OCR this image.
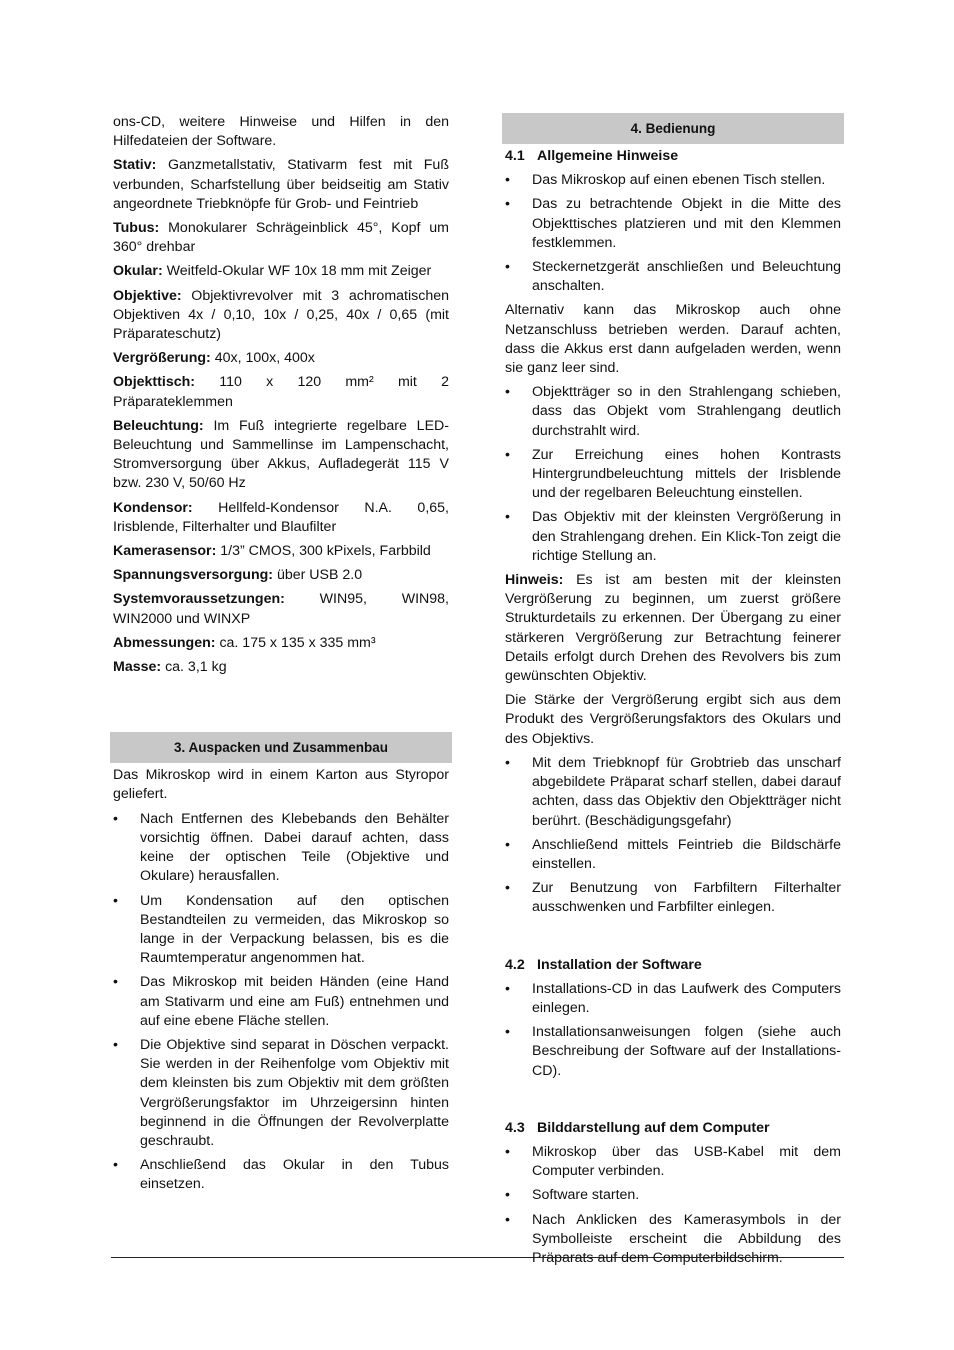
ons-CD, weitere Hinweise und Hilfen in den Hilfedateien der Software.

Stativ: Ganzmetallstativ, Stativarm fest mit Fuß verbunden, Scharfstellung über beidseitig am Stativ angeordnete Triebknöpfe für Grob- und Feintrieb

Tubus: Monokularer Schrägeinblick 45°, Kopf um 360° drehbar

Okular: Weitfeld-Okular WF 10x 18 mm mit Zeiger

Objektive: Objektivrevolver mit 3 achromatischen Objektiven 4x / 0,10, 10x / 0,25, 40x / 0,65 (mit Präparateschutz)

Vergrößerung: 40x, 100x, 400x

Objekttisch: 110 x 120 mm² mit 2 Präparateklemmen

Beleuchtung: Im Fuß integrierte regelbare LED-Beleuchtung und Sammellinse im Lampenschacht, Stromversorgung über Akkus, Aufladegerät 115 V bzw. 230 V, 50/60 Hz

Kondensor: Hellfeld-Kondensor N.A. 0,65, Irisblende, Filterhalter und Blaufilter

Kamerasensor: 1/3” CMOS, 300 kPixels, Farbbild

Spannungsversorgung: über USB 2.0

Systemvoraussetzungen: WIN95, WIN98, WIN2000 und WINXP

Abmessungen: ca. 175 x 135 x 335 mm³

Masse: ca. 3,1 kg

3. Auspacken und Zusammenbau

Das Mikroskop wird in einem Karton aus Styropor geliefert.

•	Nach Entfernen des Klebebands den Behälter vorsichtig öffnen. Dabei darauf achten, dass keine der optischen Teile (Objektive und Okulare) herausfallen.
•	Um Kondensation auf den optischen Bestandteilen zu vermeiden, das Mikroskop so lange in der Verpackung belassen, bis es die Raumtemperatur angenommen hat.
•	Das Mikroskop mit beiden Händen (eine Hand am Stativarm und eine am Fuß) entnehmen und auf eine ebene Fläche stellen.
•	Die Objektive sind separat in Döschen verpackt. Sie werden in der Reihenfolge vom Objektiv mit dem kleinsten bis zum Objektiv mit dem größten Vergrößerungsfaktor im Uhrzeigersinn hinten beginnend in die Öffnungen der Revolverplatte geschraubt.
•	Anschließend das Okular in den Tubus einsetzen.
4. Bedienung
4.1 Allgemeine Hinweise
•	Das Mikroskop auf einen ebenen Tisch stellen.
•	Das zu betrachtende Objekt in die Mitte des Objekttisches platzieren und mit den Klemmen festklemmen.
•	Steckernetzgerät anschließen und Beleuchtung anschalten.

Alternativ kann das Mikroskop auch ohne Netzanschluss betrieben werden. Darauf achten, dass die Akkus erst dann aufgeladen werden, wenn sie ganz leer sind.

•	Objektträger so in den Strahlengang schieben, dass das Objekt vom Strahlengang deutlich durchstrahlt wird.
•	Zur Erreichung eines hohen Kontrasts Hintergrundbeleuchtung mittels der Irisblende und der regelbaren Beleuchtung einstellen.
•	Das Objektiv mit der kleinsten Vergrößerung in den Strahlengang drehen. Ein Klick-Ton zeigt die richtige Stellung an.

Hinweis: Es ist am besten mit der kleinsten Vergrößerung zu beginnen, um zuerst größere Strukturdetails zu erkennen. Der Übergang zu einer stärkeren Vergrößerung zur Betrachtung feinerer Details erfolgt durch Drehen des Revolvers bis zum gewünschten Objektiv.

Die Stärke der Vergrößerung ergibt sich aus dem Produkt des Vergrößerungsfaktors des Okulars und des Objektivs.

•	Mit dem Triebknopf für Grobtrieb das unscharf abgebildete Präparat scharf stellen, dabei darauf achten, dass das Objektiv den Objektträger nicht berührt. (Beschädigungsgefahr)
•	Anschließend mittels Feintrieb die Bildschärfe einstellen.
•	Zur Benutzung von Farbfiltern Filterhalter ausschwenken und Farbfilter einlegen.
4.2 Installation der Software
•	Installations-CD in das Laufwerk des Computers einlegen.
•	Installationsanweisungen folgen (siehe auch Beschreibung der Software auf der Installations-CD).
4.3 Bilddarstellung auf dem Computer
•	Mikroskop über das USB-Kabel mit dem Computer verbinden.
•	Software starten.
•	Nach Anklicken des Kamerasymbols in der Symbolleiste erscheint die Abbildung des Präparats auf dem Computerbildschirm.
